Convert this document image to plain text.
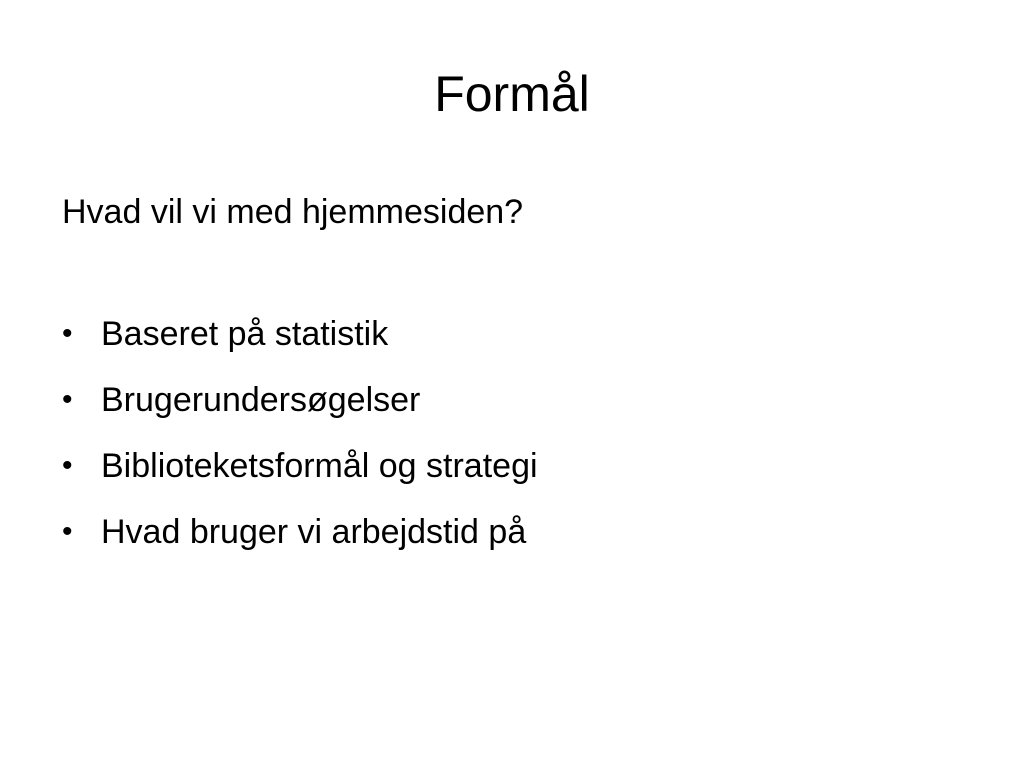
Formål

Hvad vil vi med hjemmesiden?

• Baseret på statistik
• Brugerundersøgelser
• Biblioteketsformål og strategi
• Hvad bruger vi arbejdstid på
